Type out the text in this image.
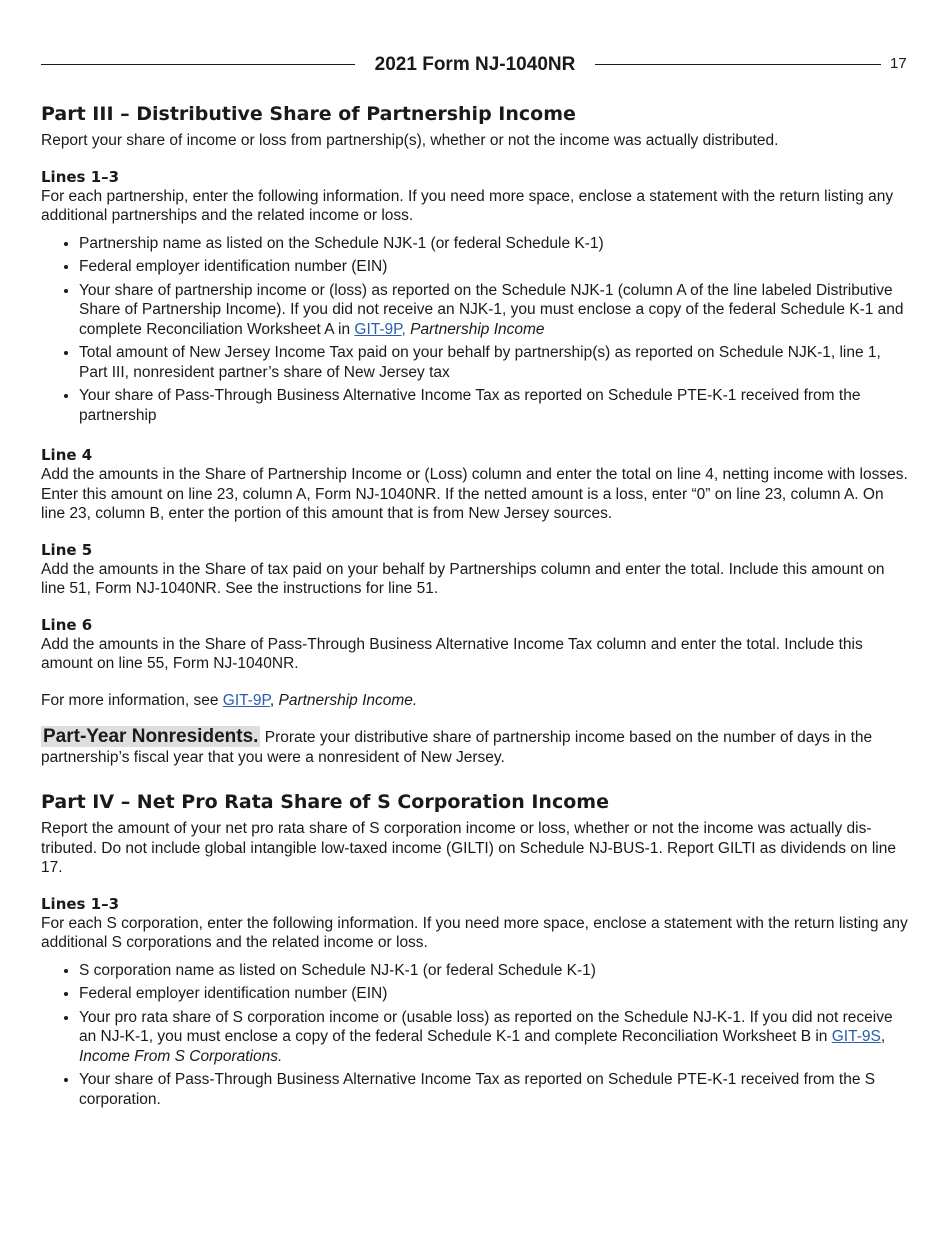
2021 Form NJ-1040NR	17
Part III – Distributive Share of Partnership Income

Report your share of income or loss from partnership(s), whether or not the income was actually distributed.

Lines 1–3

For each partnership, enter the following information. If you need more space, enclose a statement with the return listing any additional partnerships and the related income or loss.

• Partnership name as listed on the Schedule NJK-1 (or federal Schedule K-1)
• Federal employer identification number (EIN)
• Your share of partnership income or (loss) as reported on the Schedule NJK-1 (column A of the line labeled Distributive Share of Partnership Income). If you did not receive an NJK-1, you must enclose a copy of the federal Schedule K-1 and complete Reconciliation Worksheet A in GIT-9P, Partnership Income
• Total amount of New Jersey Income Tax paid on your behalf by partnership(s) as reported on Schedule NJK-1, line 1, Part III, nonresident partner’s share of New Jersey tax
• Your share of Pass-Through Business Alternative Income Tax as reported on Schedule PTE-K-1 received from the partnership
Line 4

Add the amounts in the Share of Partnership Income or (Loss) column and enter the total on line 4, netting income with losses. Enter this amount on line 23, column A, Form NJ-1040NR. If the netted amount is a loss, enter “0” on line 23, column A. On line 23, column B, enter the portion of this amount that is from New Jersey sources.

Line 5

Add the amounts in the Share of tax paid on your behalf by Partnerships column and enter the total. Include this amount on line 51, Form NJ-1040NR. See the instructions for line 51.

Line 6

Add the amounts in the Share of Pass-Through Business Alternative Income Tax column and enter the total. Include this amount on line 55, Form NJ-1040NR.

For more information, see GIT-9P, Partnership Income.

Part-Year Nonresidents. Prorate your distributive share of partnership income based on the number of days in the partnership’s fiscal year that you were a nonresident of New Jersey.

Part IV – Net Pro Rata Share of S Corporation Income

Report the amount of your net pro rata share of S corporation income or loss, whether or not the income was actually distributed. Do not include global intangible low-taxed income (GILTI) on Schedule NJ-BUS-1. Report GILTI as dividends on line 17.

Lines 1–3

For each S corporation, enter the following information. If you need more space, enclose a statement with the return listing any additional S corporations and the related income or loss.

• S corporation name as listed on Schedule NJ-K-1 (or federal Schedule K-1)
• Federal employer identification number (EIN)
• Your pro rata share of S corporation income or (usable loss) as reported on the Schedule NJ-K-1. If you did not receive an NJ-K-1, you must enclose a copy of the federal Schedule K-1 and complete Reconciliation Worksheet B in GIT-9S, Income From S Corporations.
• Your share of Pass-Through Business Alternative Income Tax as reported on Schedule PTE-K-1 received from the S corporation.
